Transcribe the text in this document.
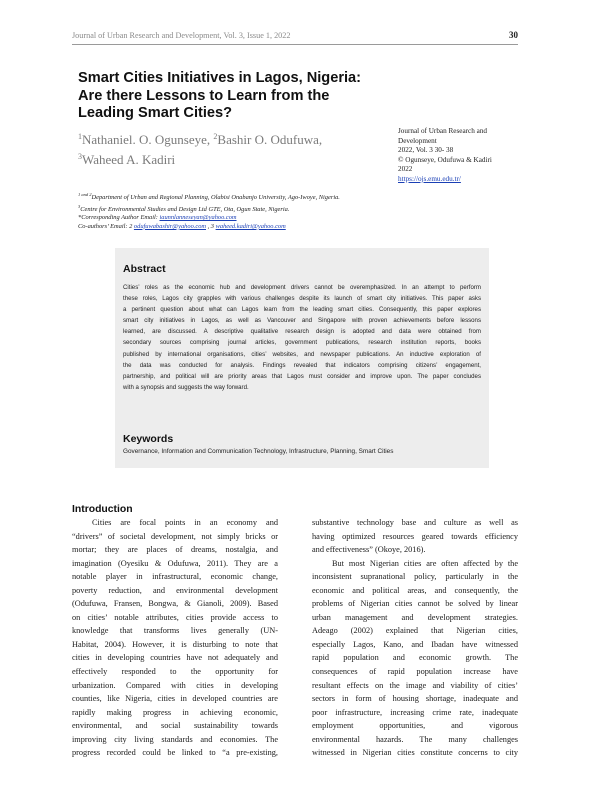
Journal of Urban Research and Development, Vol. 3, Issue 1, 2022	30
Smart Cities Initiatives in Lagos, Nigeria:
Are there Lessons to Learn from the
Leading Smart Cities?
$^1$Nathaniel. O. Ogunseye, $^2$Bashir O. Odufuwa,
$^3$Waheed A. Kadiri
Journal of Urban Research and
Development
2022, Vol. 3 30- 38
© Ogunseye, Odufuwa & Kadiri
2022
https://ojs.emu.edu.tr/
$^{1 and 2}$Department of Urban and Regional Planning, Olabisi Onabanjo University, Ago-Iwoye, Nigeria.
$^3$Centre for Environmental Studies and Design Ltd GTE, Ota, Ogun State, Nigeria.
*Corresponding Author Email: iaunnlanneseyan@yahoo.com
Co-authors’ Email: 2 odufuwabashir@yahoo.com , 3 waheed.kadiri@yahoo.com
Abstract
Cities’ roles as the economic hub and development drivers cannot be overemphasized. In an attempt to perform
these roles, Lagos city grapples with various challenges despite its launch of smart city initiatives. This paper asks
a pertinent question about what can Lagos learn from the leading smart cities. Consequently, this paper explores
smart city initiatives in Lagos, as well as Vancouver and Singapore with proven achievements before lessons
learned, are discussed. A descriptive qualitative research design is adopted and data were obtained from
secondary sources comprising journal articles, government publications, research institution reports, books
published by international organisations, cities’ websites, and newspaper publications. An inductive exploration of
the data was conducted for analysis. Findings revealed that indicators comprising citizens’ engagement,
partnership, and political will are priority areas that Lagos must consider and improve upon. The paper concludes
with a synopsis and suggests the way forward.
Keywords
Governance, Information and Communication Technology, Infrastructure, Planning, Smart Cities
Introduction
Cities are focal points in an economy and
“drivers” of societal development, not simply bricks or
mortar; they are places of dreams, nostalgia, and
imagination (Oyesiku & Odufuwa, 2011). They are a
notable player in infrastructural, economic change,
poverty reduction, and environmental development
(Odufuwa, Fransen, Bongwa, & Gianoli, 2009). Based
on cities’ notable attributes, cities provide access to
knowledge that transforms lives generally (UN-
Habitat, 2004). However, it is disturbing to note that
cities in developing countries have not adequately and
effectively responded to the opportunity for
urbanization. Compared with cities in developing
counties, like Nigeria, cities in developed countries are
rapidly making progress in achieving economic,
environmental, and social sustainability towards
improving city living standards and economies. The
progress recorded could be linked to “a pre-existing,
substantive technology base and culture as well as
having optimized resources geared towards efficiency
and effectiveness” (Okoye, 2016).
But most Nigerian cities are often affected by the
inconsistent supranational policy, particularly in the
economic and political areas, and consequently, the
problems of Nigerian cities cannot be solved by linear
urban management and development strategies.
Adeago (2002) explained that Nigerian cities,
especially Lagos, Kano, and Ibadan have witnessed
rapid population and economic growth. The
consequences of rapid population increase have
resultant effects on the image and viability of cities’
sectors in form of housing shortage, inadequate and
poor infrastructure, increasing crime rate, inadequate
employment opportunities, and vigorous
environmental hazards. The many challenges
witnessed in Nigerian cities constitute concerns to city
